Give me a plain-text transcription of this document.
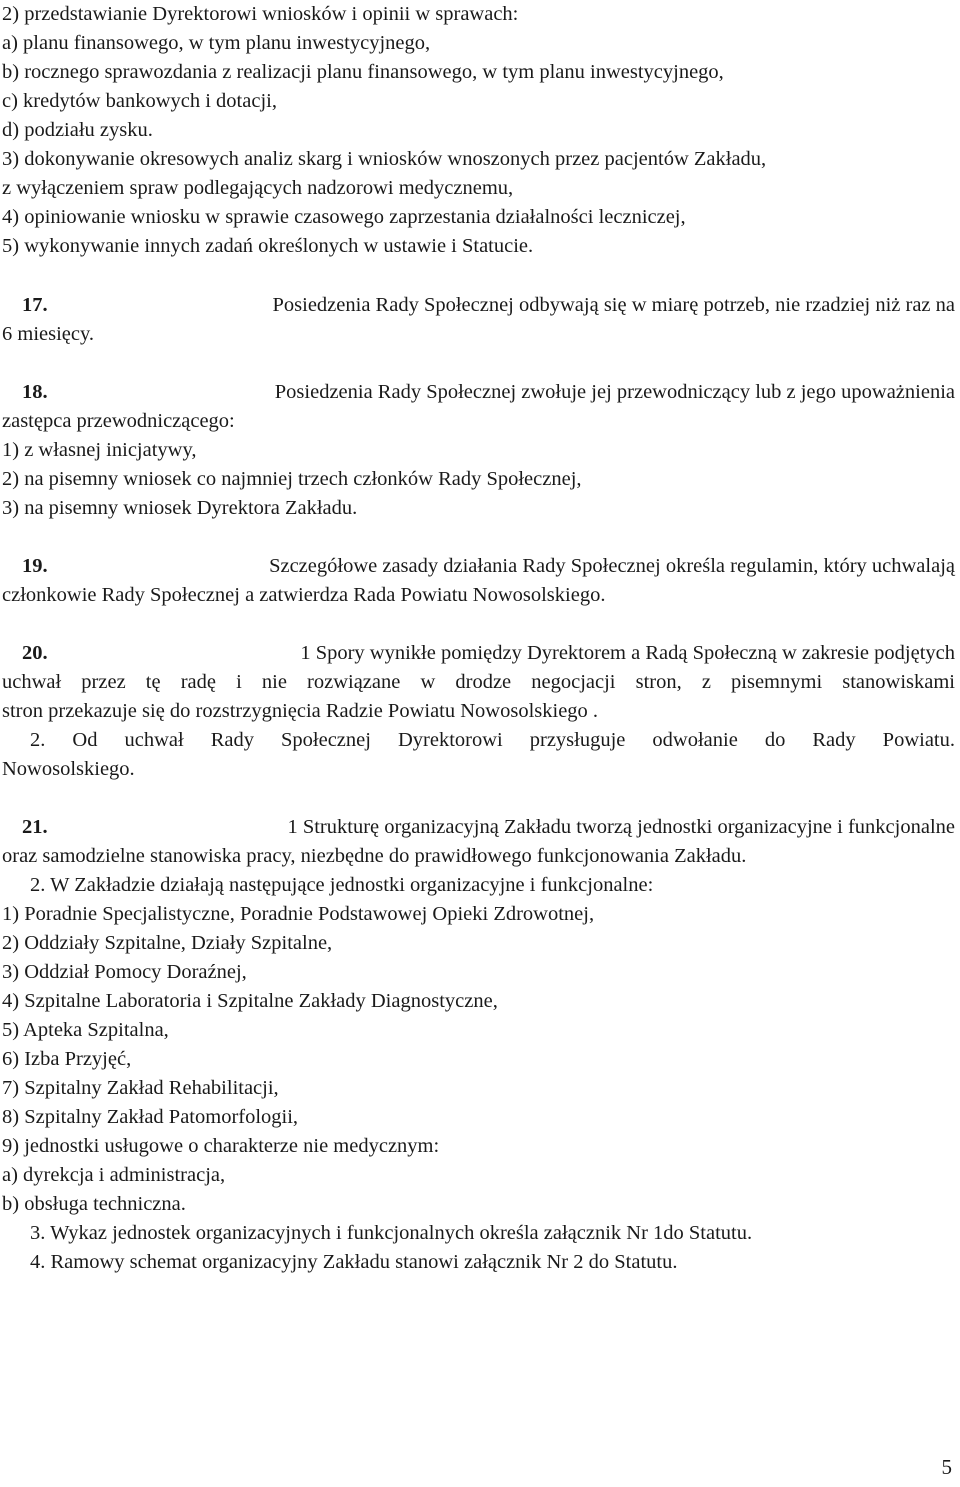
2) przedstawianie Dyrektorowi wniosków i opinii w sprawach:
a) planu finansowego, w tym planu inwestycyjnego,
b) rocznego sprawozdania z realizacji planu finansowego, w tym planu inwestycyjnego,
c) kredytów bankowych i dotacji,
d) podziału zysku.
3) dokonywanie okresowych analiz skarg i wniosków wnoszonych przez pacjentów Zakładu,
z wyłączeniem spraw podlegających nadzorowi medycznemu,
4) opiniowanie wniosku w sprawie czasowego zaprzestania działalności leczniczej,
5) wykonywanie innych zadań określonych w ustawie i Statucie.
17.	Posiedzenia Rady Społecznej odbywają się w miarę potrzeb, nie rzadziej niż raz na
6 miesięcy.
18.	Posiedzenia Rady Społecznej zwołuje jej przewodniczący lub z jego upoważnienia
zastępca przewodniczącego:
1) z własnej inicjatywy,
2) na pisemny wniosek co najmniej trzech członków Rady Społecznej,
3) na pisemny wniosek Dyrektora Zakładu.
19.	Szczegółowe zasady działania Rady Społecznej określa regulamin, który uchwalają
członkowie Rady Społecznej a zatwierdza Rada Powiatu Nowosolskiego.
20.	1 Spory wynikłe pomiędzy Dyrektorem a Radą Społeczną w zakresie podjętych
uchwał przez tę radę i nie rozwiązane w drodze negocjacji stron, z pisemnymi stanowiskami
stron przekazuje się do rozstrzygnięcia Radzie Powiatu Nowosolskiego .
2. Od uchwał Rady Społecznej Dyrektorowi przysługuje odwołanie do Rady Powiatu.
Nowosolskiego.
21.	1 Strukturę organizacyjną Zakładu tworzą jednostki organizacyjne i funkcjonalne
oraz samodzielne stanowiska pracy, niezbędne do prawidłowego funkcjonowania Zakładu.
2. W Zakładzie działają następujące jednostki organizacyjne i funkcjonalne:
1) Poradnie Specjalistyczne, Poradnie Podstawowej Opieki Zdrowotnej,
2) Oddziały Szpitalne, Działy Szpitalne,
3) Oddział Pomocy Doraźnej,
4) Szpitalne Laboratoria i Szpitalne Zakłady Diagnostyczne,
5) Apteka Szpitalna,
6) Izba Przyjęć,
7) Szpitalny Zakład Rehabilitacji,
8) Szpitalny Zakład Patomorfologii,
9) jednostki usługowe o charakterze nie medycznym:
a) dyrekcja i administracja,
b) obsługa techniczna.
3. Wykaz jednostek organizacyjnych i funkcjonalnych określa załącznik Nr 1do Statutu.
4. Ramowy schemat organizacyjny Zakładu stanowi załącznik Nr 2 do Statutu.
5
